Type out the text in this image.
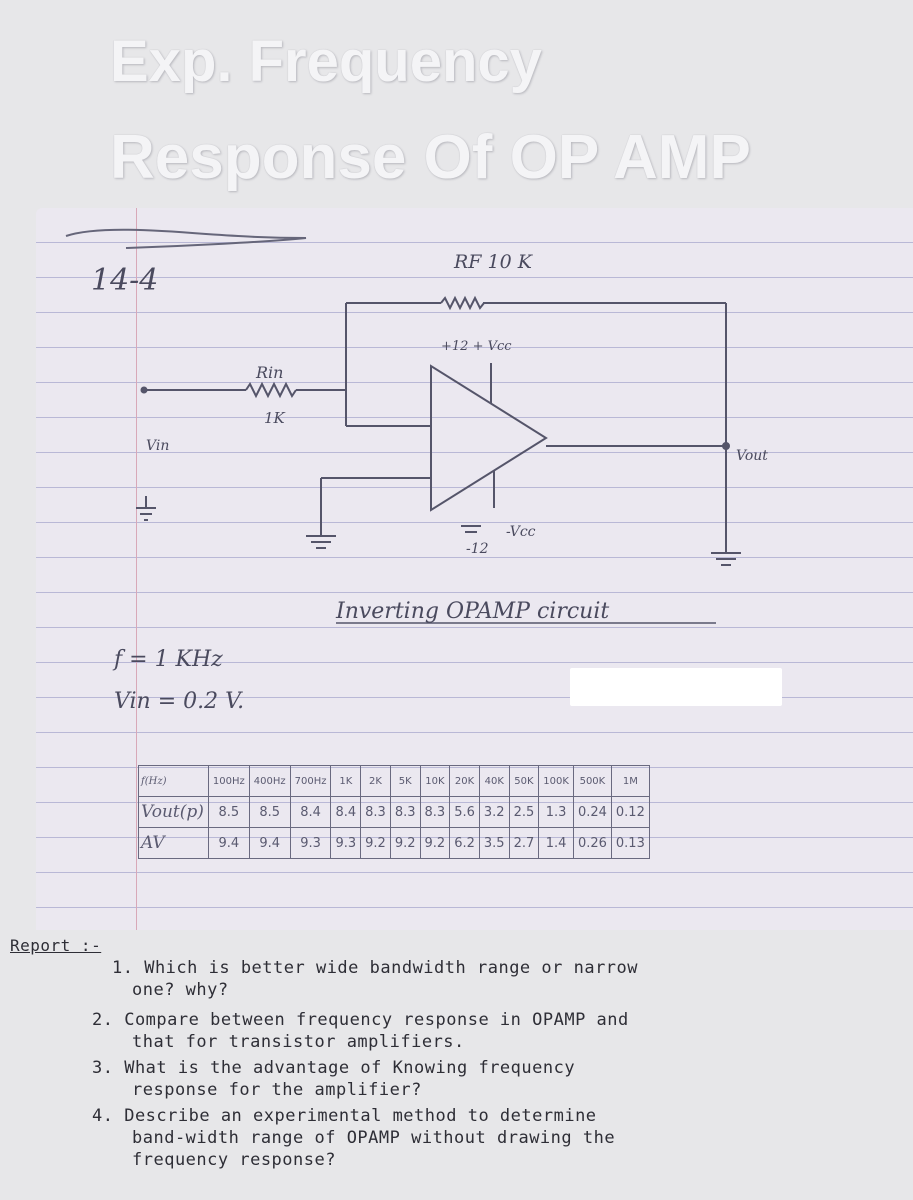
Exp. Frequency
Response Of OP AMP
14-4
RF 10 K
+12 + Vcc
Rin
1K
Vin
Vout
-Vcc
-12
Inverting OPAMP circuit
f = 1 KHz
Vin = 0.2 V.
f(Hz)	100Hz	400Hz	700Hz	1K	2K	5K	10K	20K	40K	50K	100K	500K	1M
Vout(p)	8.5	8.5	8.4	8.4	8.3	8.3	8.3	5.6	3.2	2.5	1.3	0.24	0.12
AV	9.4	9.4	9.3	9.3	9.2	9.2	9.2	6.2	3.5	2.7	1.4	0.26	0.13
Report :-
1. Which is better wide bandwidth range or narrow
one? why?
2. Compare between frequency response in OPAMP and
that for transistor amplifiers.
3. What is the advantage of Knowing frequency
response for the amplifier?
4. Describe an experimental method to determine
band-width range of OPAMP without drawing the
frequency response?
